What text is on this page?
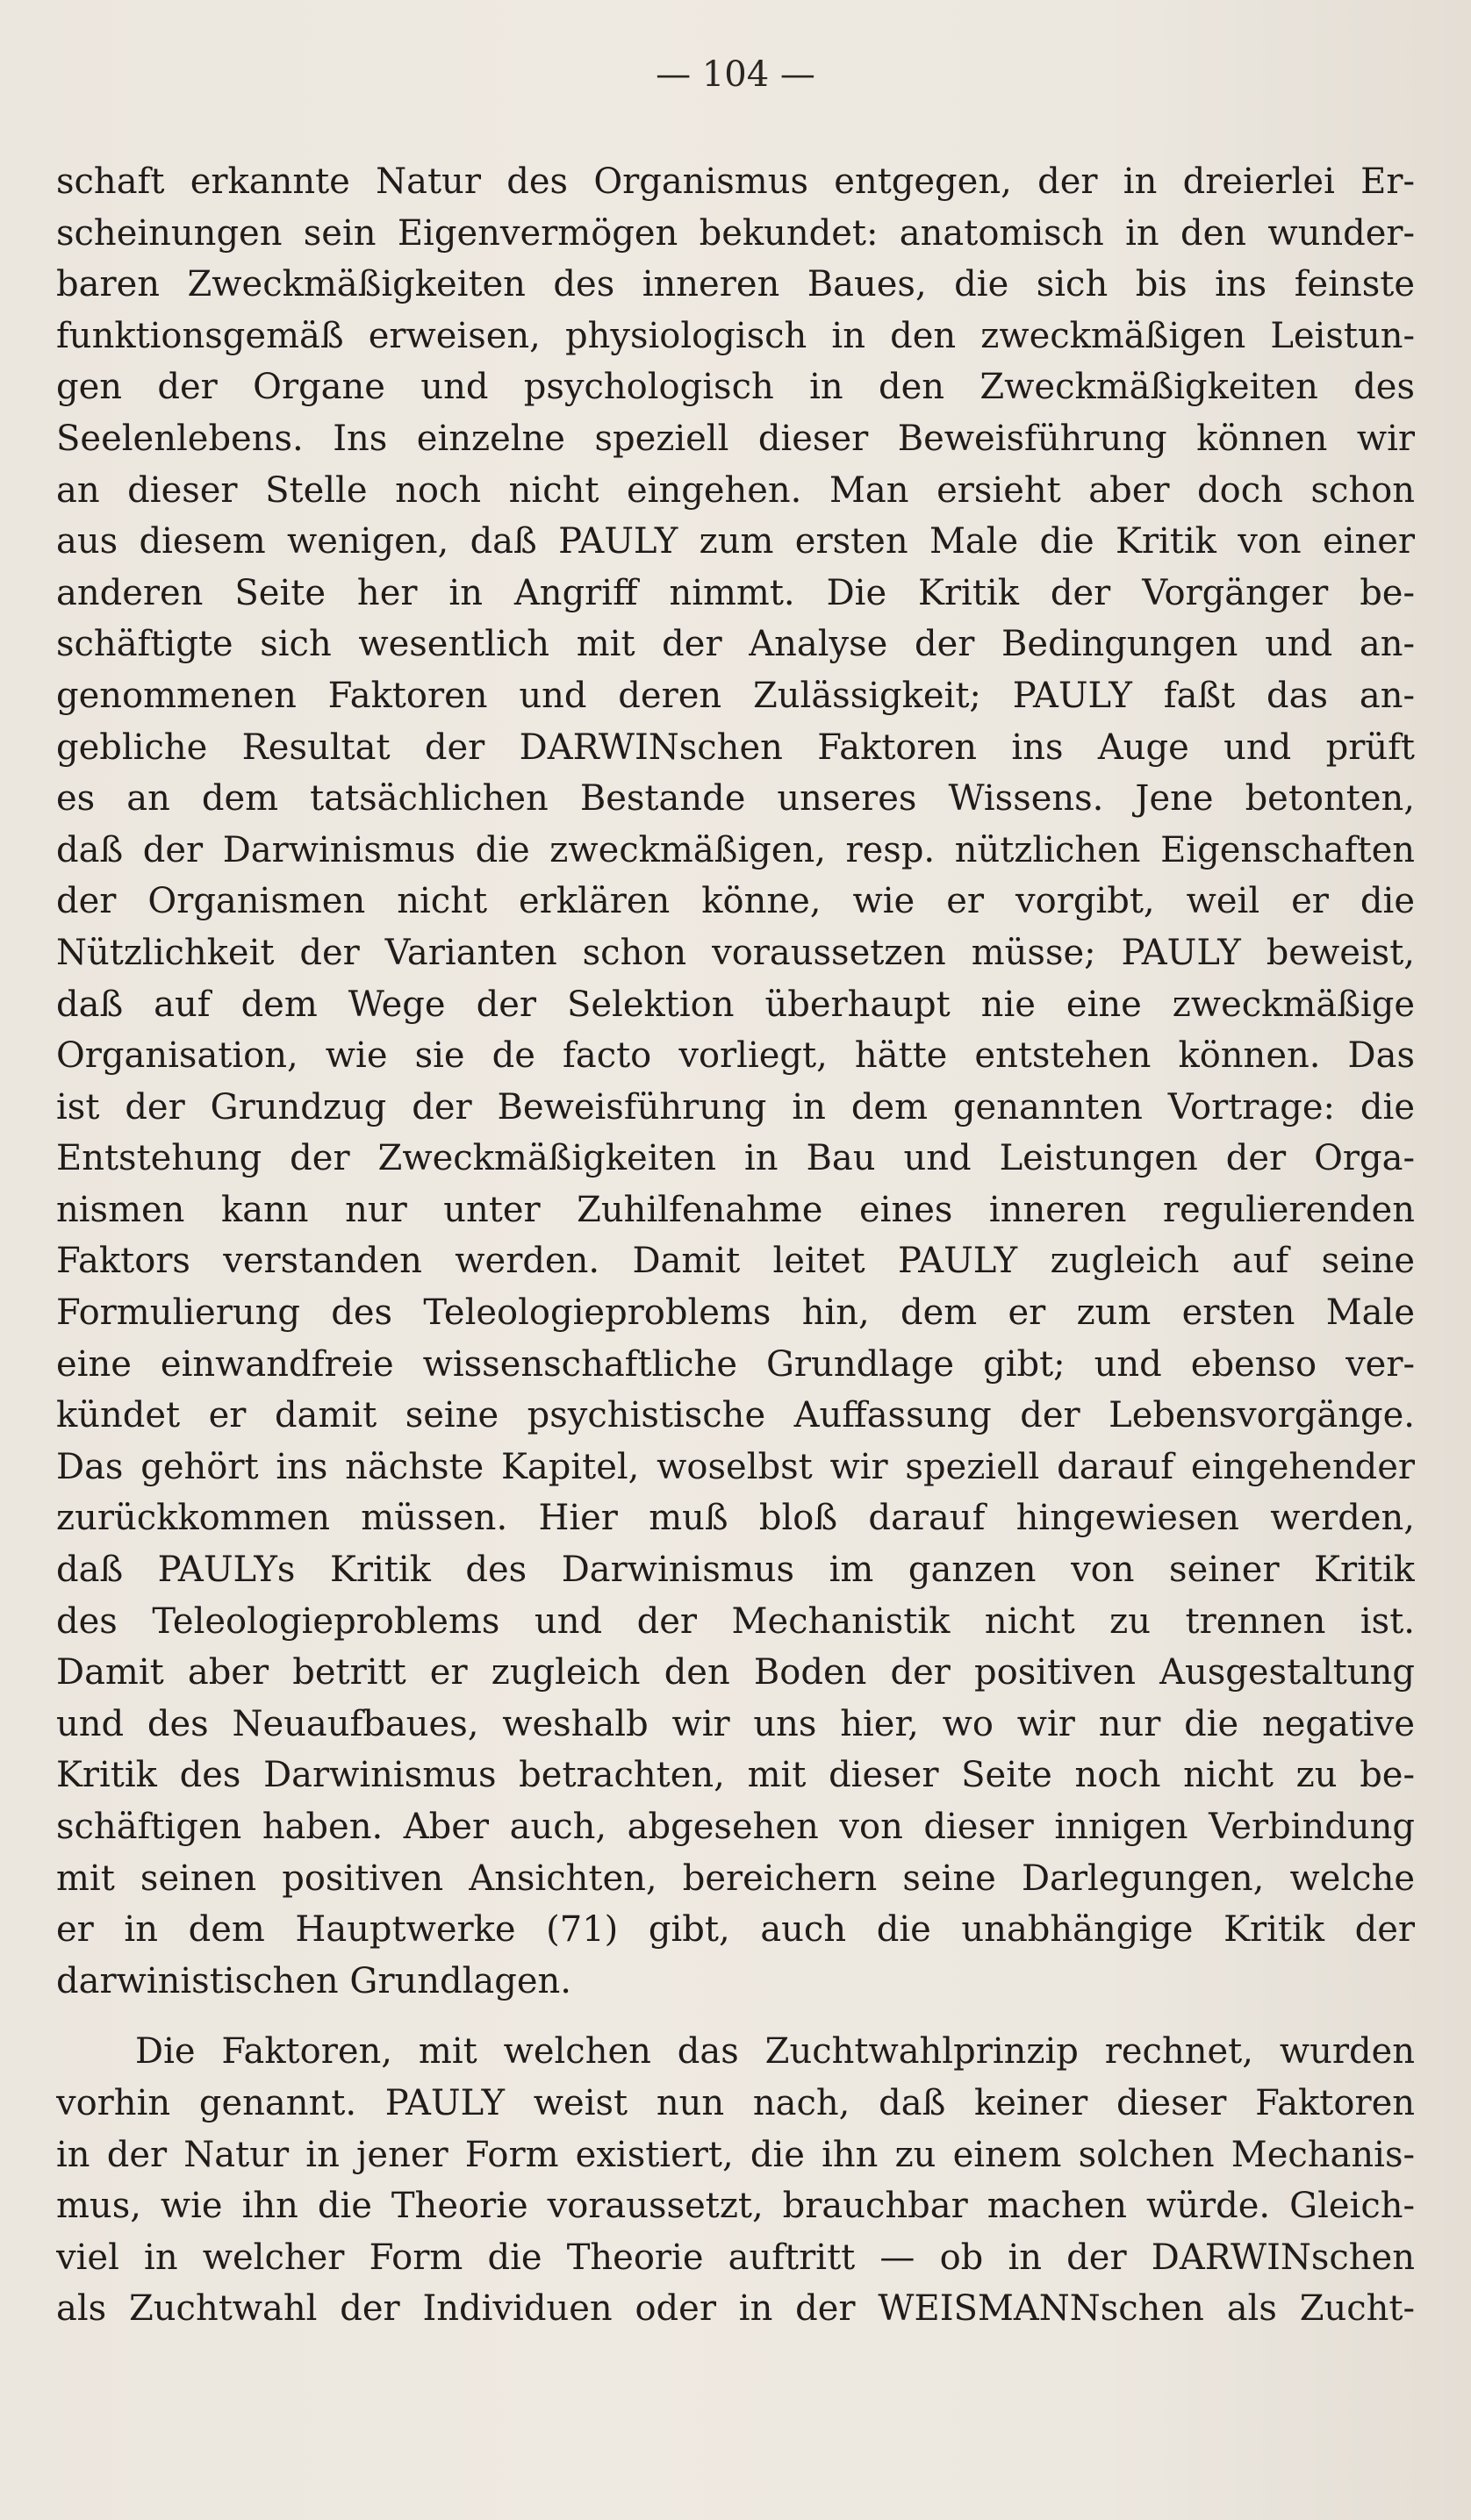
— 104 —
schaft erkannte Natur des Organismus entgegen, der in dreierlei Er-
scheinungen sein Eigenvermögen bekundet: anatomisch in den wunder-
baren Zweckmäßigkeiten des inneren Baues, die sich bis ins feinste
funktionsgemäß erweisen, physiologisch in den zweckmäßigen Leistun-
gen der Organe und psychologisch in den Zweckmäßigkeiten des
Seelenlebens. Ins einzelne speziell dieser Beweisführung können wir
an dieser Stelle noch nicht eingehen. Man ersieht aber doch schon
aus diesem wenigen, daß PAULY zum ersten Male die Kritik von einer
anderen Seite her in Angriff nimmt. Die Kritik der Vorgänger be-
schäftigte sich wesentlich mit der Analyse der Bedingungen und an-
genommenen Faktoren und deren Zulässigkeit; PAULY faßt das an-
gebliche Resultat der DARWINschen Faktoren ins Auge und prüft
es an dem tatsächlichen Bestande unseres Wissens. Jene betonten,
daß der Darwinismus die zweckmäßigen, resp. nützlichen Eigenschaften
der Organismen nicht erklären könne, wie er vorgibt, weil er die
Nützlichkeit der Varianten schon voraussetzen müsse; PAULY beweist,
daß auf dem Wege der Selektion überhaupt nie eine zweckmäßige
Organisation, wie sie de facto vorliegt, hätte entstehen können. Das
ist der Grundzug der Beweisführung in dem genannten Vortrage: die
Entstehung der Zweckmäßigkeiten in Bau und Leistungen der Orga-
nismen kann nur unter Zuhilfenahme eines inneren regulierenden
Faktors verstanden werden. Damit leitet PAULY zugleich auf seine
Formulierung des Teleologieproblems hin, dem er zum ersten Male
eine einwandfreie wissenschaftliche Grundlage gibt; und ebenso ver-
kündet er damit seine psychistische Auffassung der Lebensvorgänge.
Das gehört ins nächste Kapitel, woselbst wir speziell darauf eingehender
zurückkommen müssen. Hier muß bloß darauf hingewiesen werden,
daß PAULYs Kritik des Darwinismus im ganzen von seiner Kritik
des Teleologieproblems und der Mechanistik nicht zu trennen ist.
Damit aber betritt er zugleich den Boden der positiven Ausgestaltung
und des Neuaufbaues, weshalb wir uns hier, wo wir nur die negative
Kritik des Darwinismus betrachten, mit dieser Seite noch nicht zu be-
schäftigen haben. Aber auch, abgesehen von dieser innigen Verbindung
mit seinen positiven Ansichten, bereichern seine Darlegungen, welche
er in dem Hauptwerke (71) gibt, auch die unabhängige Kritik der
darwinistischen Grundlagen.
Die Faktoren, mit welchen das Zuchtwahlprinzip rechnet, wurden
vorhin genannt. PAULY weist nun nach, daß keiner dieser Faktoren
in der Natur in jener Form existiert, die ihn zu einem solchen Mechanis-
mus, wie ihn die Theorie voraussetzt, brauchbar machen würde. Gleich-
viel in welcher Form die Theorie auftritt — ob in der DARWINschen
als Zuchtwahl der Individuen oder in der WEISMANNschen als Zucht-
